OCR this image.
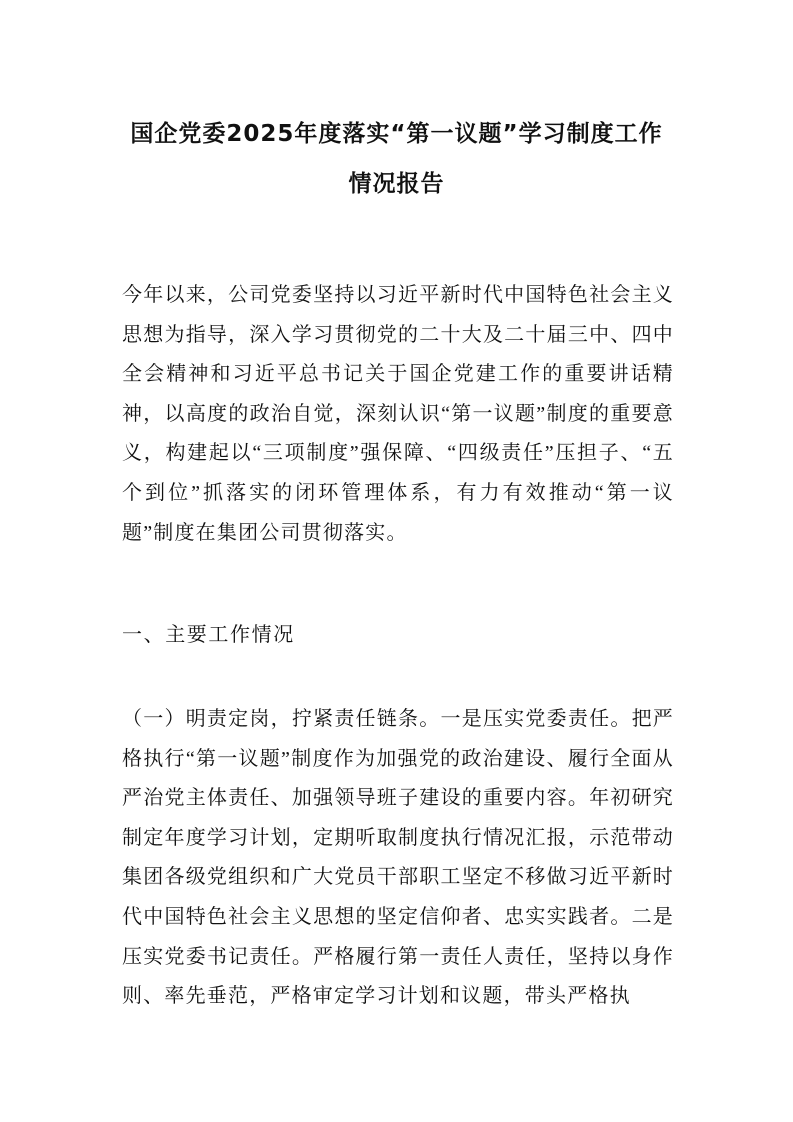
国企党委2025年度落实“第一议题”学习制度工作
情况报告

今年以来，公司党委坚持以习近平新时代中国特色社会主义思想为指导，深入学习贯彻党的二十大及二十届三中、四中全会精神和习近平总书记关于国企党建工作的重要讲话精神，以高度的政治自觉，深刻认识“第一议题”制度的重要意义，构建起以“三项制度”强保障、“四级责任”压担子、“五个到位”抓落实的闭环管理体系，有力有效推动“第一议题”制度在集团公司贯彻落实。

一、主要工作情况

（一）明责定岗，拧紧责任链条。一是压实党委责任。把严格执行“第一议题”制度作为加强党的政治建设、履行全面从严治党主体责任、加强领导班子建设的重要内容。年初研究制定年度学习计划，定期听取制度执行情况汇报，示范带动集团各级党组织和广大党员干部职工坚定不移做习近平新时代中国特色社会主义思想的坚定信仰者、忠实实践者。二是压实党委书记责任。严格履行第一责任人责任，坚持以身作则、率先垂范，严格审定学习计划和议题，带头严格执
